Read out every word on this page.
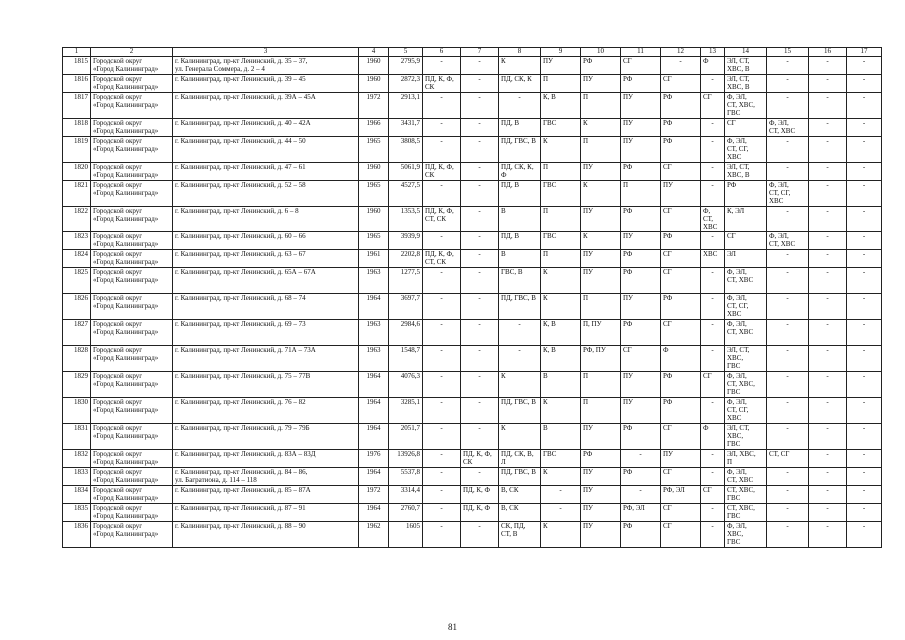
1	2	3	4	5	6	7	8	9	10	11	12	13	14	15	16	17
1815	Городской округ
«Город Калининград»	г. Калининград, пр-кт Ленинский, д. 35 – 37,
ул. Генерала Соммера, д. 2 – 4	1960	2795,9	-	-	К	ПУ	РФ	СГ	-	Ф	ЭЛ, СТ,
ХВС, В	-	-	-
1816	Городской округ
«Город Калининград»	г. Калининград, пр-кт Ленинский, д. 39 – 45	1960	2872,3	ПД, К, Ф,
СК	-	ПД, СК, К	П	ПУ	РФ	СГ	-	ЭЛ, СТ,
ХВС, В	-	-	-
1817	Городской округ
«Город Калининград»	г. Калининград, пр-кт Ленинский, д. 39А – 45А	1972	2913,1	-	-	-	К, В	П	ПУ	РФ	СГ	Ф, ЭЛ,
СТ, ХВС,
ГВС	-	-	-
1818	Городской округ
«Город Калининград»	г. Калининград, пр-кт Ленинский, д. 40 – 42А	1966	3431,7	-	-	ПД, В	ГВС	К	ПУ	РФ	-	СГ	Ф, ЭЛ,
СТ, ХВС	-	-
1819	Городской округ
«Город Калининград»	г. Калининград, пр-кт Ленинский, д. 44 – 50	1965	3808,5	-	-	ПД, ГВС, В	К	П	ПУ	РФ	-	Ф, ЭЛ,
СТ, СГ,
ХВС	-	-	-
1820	Городской округ
«Город Калининград»	г. Калининград, пр-кт Ленинский, д. 47 – 61	1960	5061,9	ПД, К, Ф,
СК	-	ПД, СК, К,
Ф	П	ПУ	РФ	СГ	-	ЭЛ, СТ,
ХВС, В	-	-	-
1821	Городской округ
«Город Калининград»	г. Калининград, пр-кт Ленинский, д. 52 – 58	1965	4527,5	-	-	ПД, В	ГВС	К	П	ПУ	-	РФ	Ф, ЭЛ,
СТ, СГ,
ХВС	-	-
1822	Городской округ
«Город Калининград»	г. Калининград, пр-кт Ленинский, д. 6 – 8	1960	1353,5	ПД, К, Ф,
СТ, СК	-	В	П	ПУ	РФ	СГ	Ф, СТ,
ХВС	К, ЭЛ	-	-	-
1823	Городской округ
«Город Калининград»	г. Калининград, пр-кт Ленинский, д. 60 – 66	1965	3939,9	-	-	ПД, В	ГВС	К	ПУ	РФ	-	СГ	Ф, ЭЛ,
СТ, ХВС	-	-
1824	Городской округ
«Город Калининград»	г. Калининград, пр-кт Ленинский, д. 63 – 67	1961	2202,8	ПД, К, Ф,
СТ, СК	-	В	П	ПУ	РФ	СГ	ХВС	ЭЛ	-	-	-
1825	Городской округ
«Город Калининград»	г. Калининград, пр-кт Ленинский, д. 65А – 67А	1963	1277,5	-	-	ГВС, В	К	ПУ	РФ	СГ	-	Ф, ЭЛ,
СТ, ХВС	-	-	-
1826	Городской округ
«Город Калининград»	г. Калининград, пр-кт Ленинский, д. 68 – 74	1964	3697,7	-	-	ПД, ГВС, В	К	П	ПУ	РФ	-	Ф, ЭЛ,
СТ, СГ,
ХВС	-	-	-
1827	Городской округ
«Город Калининград»	г. Калининград, пр-кт Ленинский, д. 69 – 73	1963	2984,6	-	-	-	К, В	П, ПУ	РФ	СГ	-	Ф, ЭЛ,
СТ, ХВС	-	-	-
1828	Городской округ
«Город Калининград»	г. Калининград, пр-кт Ленинский, д. 71А – 73А	1963	1548,7	-	-	-	К, В	РФ, ПУ	СГ	Ф	-	ЭЛ, СТ,
ХВС,
ГВС	-	-	-
1829	Городской округ
«Город Калининград»	г. Калининград, пр-кт Ленинский, д. 75 – 77В	1964	4076,3	-	-	К	В	П	ПУ	РФ	СГ	Ф, ЭЛ,
СТ, ХВС,
ГВС	-	-	-
1830	Городской округ
«Город Калининград»	г. Калининград, пр-кт Ленинский, д. 76 – 82	1964	3285,1	-	-	ПД, ГВС, В	К	П	ПУ	РФ	-	Ф, ЭЛ,
СТ, СГ,
ХВС	-	-	-
1831	Городской округ
«Город Калининград»	г. Калининград, пр-кт Ленинский, д. 79 – 79Б	1964	2051,7	-	-	К	В	ПУ	РФ	СГ	Ф	ЭЛ, СТ,
ХВС,
ГВС	-	-	-
1832	Городской округ
«Город Калининград»	г. Калининград, пр-кт Ленинский, д. 83А – 83Д	1976	13926,8	-	ПД, К, Ф,
СК	ПД, СК, В,
Л	ГВС	РФ	-	ПУ	-	ЭЛ, ХВС,
П	СТ, СГ	-	-
1833	Городской округ
«Город Калининград»	г. Калининград, пр-кт Ленинский, д. 84 – 86,
ул. Багратиона, д. 114 – 118	1964	5537,8	-	-	ПД, ГВС, В	К	ПУ	РФ	СГ	-	Ф, ЭЛ,
СТ, ХВС	-	-	-
1834	Городской округ
«Город Калининград»	г. Калининград, пр-кт Ленинский, д. 85 – 87А	1972	3314,4	-	ПД, К, Ф	В, СК	-	ПУ	-	РФ, ЭЛ	СГ	СТ, ХВС,
ГВС	-	-	-
1835	Городской округ
«Город Калининград»	г. Калининград, пр-кт Ленинский, д. 87 – 91	1964	2760,7	-	ПД, К, Ф	В, СК	-	ПУ	РФ, ЭЛ	СГ	-	СТ, ХВС,
ГВС	-	-	-
1836	Городской округ
«Город Калининград»	г. Калининград, пр-кт Ленинский, д. 88 – 90	1962	1605	-	-	СК, ПД,
СТ, В	К	ПУ	РФ	СГ	-	Ф, ЭЛ,
ХВС,
ГВС	-	-	-
81
